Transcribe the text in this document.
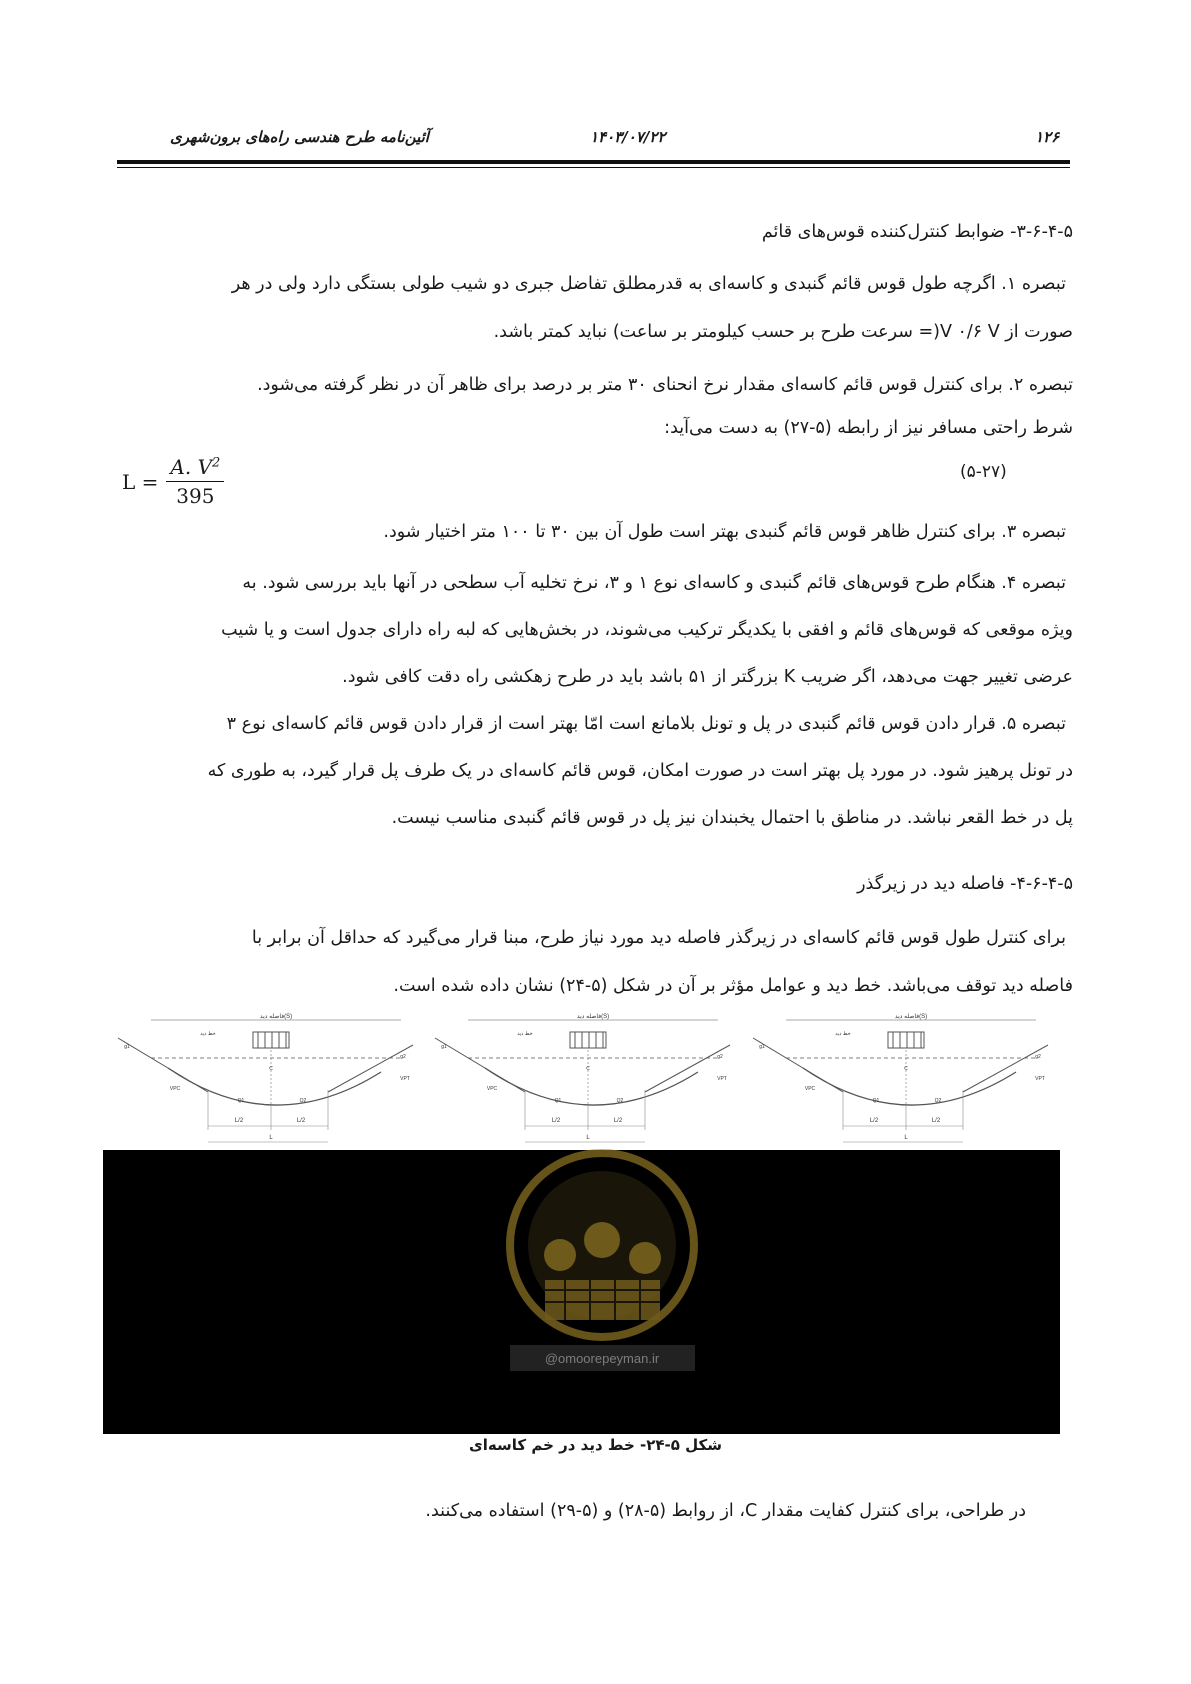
۱۲۶
۱۴۰۳/۰۷/۲۲
آئین‌نامه طرح هندسی راه‌های برون‌شهری
۳-۶-۴-۵- ضوابط کنترل‌کننده قوس‌های قائم
تبصره ۱. اگرچه طول قوس قائم گنبدی و کاسه‌ای به قدرمطلق تفاضل جبری دو شیب طولی بستگی دارد ولی در هر
صورت از V ۰/۶ V(= سرعت طرح بر حسب کیلومتر بر ساعت) نباید کمتر باشد.
تبصره ۲. برای کنترل قوس قائم کاسه‌ای مقدار نرخ انحنای ۳۰ متر بر درصد برای ظاهر آن در نظر گرفته می‌شود.
شرط راحتی مسافر نیز از رابطه (۵-۲۷) به دست می‌آید:
$L = \frac{A. V^2}{395}$	(۵-۲۷)
تبصره ۳. برای کنترل ظاهر قوس قائم گنبدی بهتر است طول آن بین ۳۰ تا ۱۰۰ متر اختیار شود.
تبصره ۴. هنگام طرح قوس‌های قائم گنبدی و کاسه‌ای نوع ۱ و ۳، نرخ تخلیه آب سطحی در آنها باید بررسی شود. به
ویژه موقعی که قوس‌های قائم و افقی با یکدیگر ترکیب می‌شوند، در بخش‌هایی که لبه راه دارای جدول است و یا شیب
عرضی تغییر جهت می‌دهد، اگر ضریب K بزرگتر از ۵۱ باشد باید در طرح زهکشی راه دقت کافی شود.
تبصره ۵. قرار دادن قوس قائم گنبدی در پل و تونل بلامانع است امّا بهتر است از قرار دادن قوس قائم کاسه‌ای نوع ۳
در تونل پرهیز شود. در مورد پل بهتر است در صورت امکان، قوس قائم کاسه‌ای در یک طرف پل قرار گیرد، به طوری که
پل در خط القعر نباشد. در مناطق با احتمال یخبندان نیز پل در قوس قائم گنبدی مناسب نیست.
۴-۶-۴-۵- فاصله دید در زیرگذر
برای کنترل طول قوس قائم کاسه‌ای در زیرگذر فاصله دید مورد نیاز طرح، مبنا قرار می‌گیرد که حداقل آن برابر با
فاصله دید توقف می‌باشد. خط دید و عوامل مؤثر بر آن در شکل (۵-۲۴) نشان داده شده است.
فاصله دید(S)
خط دید
g1
g2
VPC
VPT
C
Q1	Q2
L/2	L/2
L
فاصله دید(S)
خط دید
g1
g2
VPC
VPT
C
Q1	Q2
L/2	L/2
L
فاصله دید(S)
خط دید
g1
g2
VPC
VPT
C
Q1	Q2
L/2	L/2
L
@omoorepeyman.ir
شکل ۵-۲۴- خط دید در خم کاسه‌ای
در طراحی، برای کنترل کفایت مقدار C، از روابط (۵-۲۸) و (۵-۲۹) استفاده می‌کنند.
